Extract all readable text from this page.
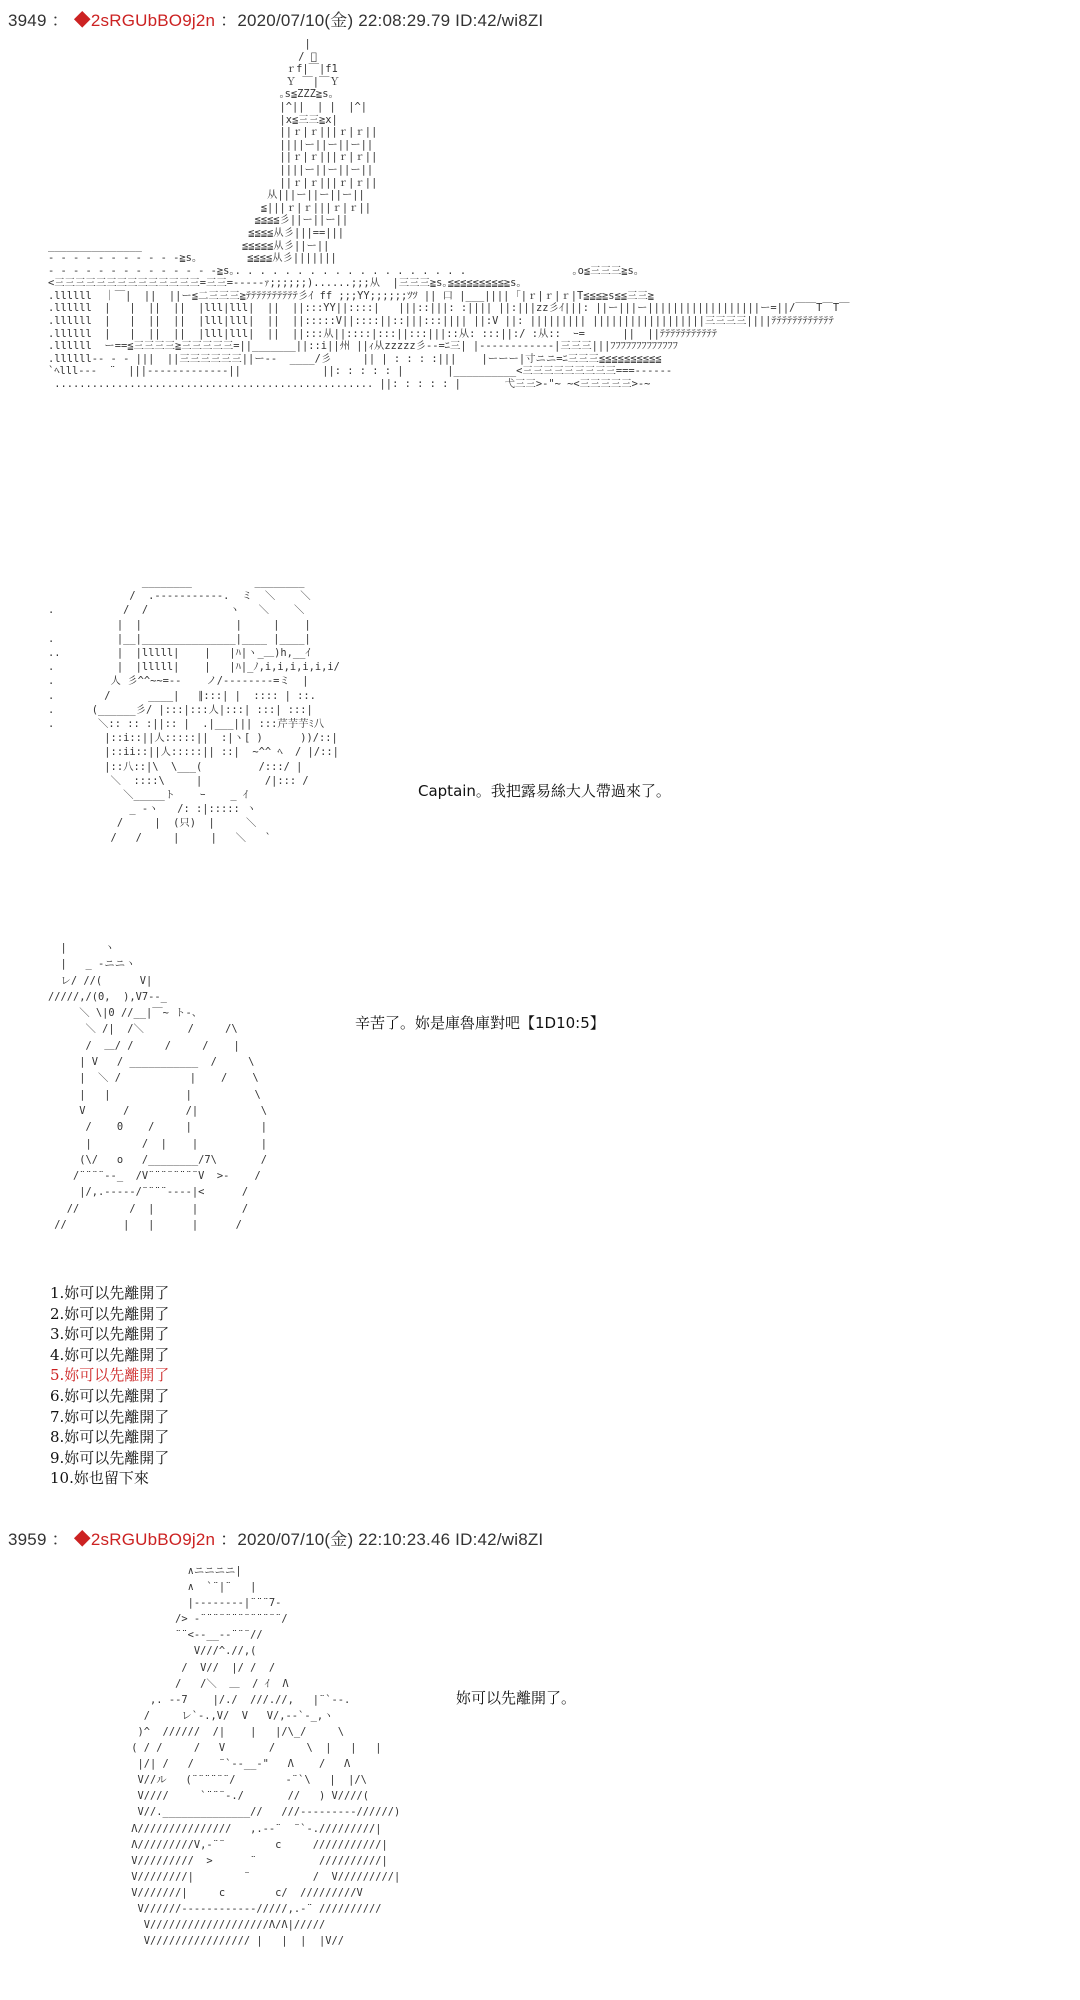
3949 ： ◆2sRGUbBO9j2n ：2020/07/10(金) 22:08:29.79 ID:42/wi8ZI
|
/ ﾟ
ｒf|￣|f1
Ｙ ￣|￣Ｙ
｡s≦ZZZ≧s｡
|^||  | |  |^|
|x≦三三≧x|
||ｒ|ｒ|||ｒ|ｒ||
||||ー||ー||ー||
||ｒ|ｒ|||ｒ|ｒ||
||||ー||ー||ー||
||ｒ|ｒ|||ｒ|ｒ||
从|||ー||ー||ー||
≦|||ｒ|ｒ|||ｒ|ｒ||
≦≦≦≦彡||ー||ー||
≦≦≦≦从彡|||==|||
_______________                ≦≦≦≦≦从彡||ー||
- - - - - - - - - - -≧s｡        ≦≦≦≦从彡|||||||
- - - - - - - - - - - - - -≧s｡. . . . . . . . . . . . . . . . . . .                 ｡o≦三三三≧s｡
<三三三三三三三三三三三三三三=三三=-----ｧ;;;;;;)......;;;从  |三三三≧s｡≦≦≦≦≦≦≦≦≦≧s｡
.llllll  ｜￣|  ||  ||ー≦二三三三≧ﾃﾃﾃﾃﾃﾃﾃﾃﾃﾃ彡ｲ ff ;;;YY;;;;;;ﾂﾂ || 口 |___|||| ｢|ｒ|ｒ|ｒ|T≦≦≦≧s≦≦三三≧
.llllll  |   |  ||  ||  |lll|lll|  ||  ||:::YY||::::|   |||::|||: :|||| ||:|||zz彡ｲ|||: ||ー|||ー||||||||||||||||||ー=||/￣￣T￣T￣
.llllll  |   |  ||  ||  |lll|lll|  ||  ||:::::V||::::||::|||:::|||| ||:V ||: ||||||||| ||||||||||||||||||三三三三||||ﾃﾃﾃﾃﾃﾃﾃﾃﾃﾃﾃﾃ
.llllll  |   |  ||  ||  |lll|lll|  ||  ||:::从||::::|:::||:::|||::从: :::||:/ :从::  ｰ=      ||  ||ﾃﾃﾃﾃﾃﾃﾃﾃﾃﾃﾃ
.llllll  ー==≦三三三三≧三三三三三=||_______||::i||州 ||ｨ从zzzzz彡--=ﾆ三| |------------|三三三|||ﾌﾌﾌﾌﾌﾌﾌﾌﾌﾌﾌﾌﾌ
.llllll-- - - |||  ||三三三三三三||ー--  ____/彡     || | : : : :|||    |ーーー|寸ニニ=ﾆ三三三≦≦≦≦≦≦≦≦≦≦
`ﾍlll---  ¨  |||-------------||             ||: : : : : |       |__________<三三三三三三三三三===------
................................................... ||: : : : : |       弋三三>-"~ ~<三三三三三>-~
________          ________
/  .-----------.  ミ  ＼    ＼
.           /  /             ヽ   ＼    ＼
|  |               |     |    |
.          |__|_______________|____ |____|
..         |  |lllll|    |   |ﾊ|ヽ_＿)h,__ｲ
.          |  |lllll|    |   |ﾊ|_ﾉ,i,i,i,i,i,i/
.         人 彡^^~~=--    ノ/--------=ミ  |
.        /      ____|   ∥:::| |  :::: | ::.
.      (______彡/ |:::|:::人|:::| :::| :::|
.       ＼:: :: :||:: |  .|___||| :::芹芋芋ﾐ八
|::i::||人:::::||  :|ヽ[ )      ))/::|
|::ii::||人:::::|| ::|  ~^^ ﾍ  / |/::|
|::八::|\  \___(         /:::/ |
＼  ::::\     |          /|::: /
＼_____ト    ｰ    _ ｲ
_ -ヽ   /: :|::::: ヽ
/     |  (只)  |     ＼
/   /     |     |   ＼   `
Captain。我把露易絲大人帶過來了。
|      ヽ
|   _ -ニニヽ
レ/ //(      V|
/////,/(0,  ),V7--_
＼ \|0 //__|￣~ ト-、
＼ /|  /＼       /     /\
/  ＿/ /     /     /    |
| V   / ___________  /     \
|  ＼ /           |    /    \
|   |            |          \
V      /         /|          \
/    0    /     |           |
|        /  |    |          |
(\/   o   /________/7\       /
/¨¨¨¨--_  /V¨¨¨¨¨¨¨¨V  >-    /
|/,.-----/¨¨¨¨----|<      /
//        /  |      |       /
//         |   |      |      /
辛苦了。妳是庫魯庫對吧【1D10:5】
1.妳可以先離開了
2.妳可以先離開了
3.妳可以先離開了
4.妳可以先離開了
5.妳可以先離開了
6.妳可以先離開了
7.妳可以先離開了
8.妳可以先離開了
9.妳可以先離開了
10.妳也留下來
3959 ： ◆2sRGUbBO9j2n ：2020/07/10(金) 22:10:23.46 ID:42/wi8ZI
∧ニニニニ|
∧  `¨|¨   |
|--------|¨¨¨7-
/> -¨¨¨¨¨¨¨¨¨¨¨¨¨/
¨¨<--__--¨¨¨//
V///^.//,(
/  V//  |/ /  /
/   /＼  ＿  / ｲ  Λ
,. --7    |/./  ///.//,   |¨`--.
/     レ`-.,V/  V   V/,--`-_,ヽ
)^  //////  /|    |   |/\_/     \
( / /     /   V       /     \  |   |   |
|/| /   /    ¨`--__-"   Λ    /   Λ
V//ル   (¨¨¨¨¨¨/        -¨`\   |  |/\
V////     `¨¨¨-./       //   ) V////(
V//.______________//   ///---------//////)
Λ///////////////   ,.--¨  ¨`-./////////|
Λ/////////V,-¨¨        c     ///////////|
V/////////  >      ¨          //////////|
V////////|        ¨          /  V/////////|
V///////|     c        c/  /////////V
V//////------------/////,.-¨ //////////
V///////////////////Λ/Λ|/////
V//////////////// |   |  |  |V//
妳可以先離開了。
